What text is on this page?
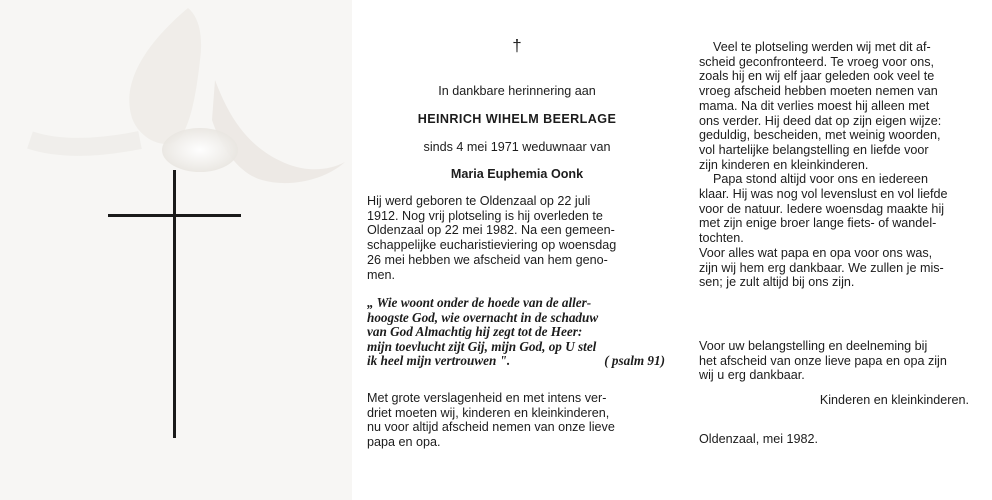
†
In dankbare herinnering aan
HEINRICH WIHELM BEERLAGE
sinds 4 mei 1971 weduwnaar van
Maria Euphemia Oonk
Hij werd geboren te Oldenzaal op 22 juli
1912. Nog vrij plotseling is hij overleden te
Oldenzaal op 22 mei 1982. Na een gemeen-
schappelijke eucharistieviering op woensdag
26 mei hebben we afscheid van hem geno-
men.
„ Wie woont onder de hoede van de aller-
hoogste God, wie overnacht in de schaduw
van God Almachtig hij zegt tot de Heer:
mijn toevlucht zijt Gij, mijn God, op U stel
ik heel mijn vertrouwen ".	( psalm 91)
Met grote verslagenheid en met intens ver-
driet moeten wij, kinderen en kleinkinderen,
nu voor altijd afscheid nemen van onze lieve
papa en opa.
Veel te plotseling werden wij met dit af-
scheid geconfronteerd. Te vroeg voor ons,
zoals hij en wij elf jaar geleden ook veel te
vroeg afscheid hebben moeten nemen van
mama. Na dit verlies moest hij alleen met
ons verder. Hij deed dat op zijn eigen wijze:
geduldig, bescheiden, met weinig woorden,
vol hartelijke belangstelling en liefde voor
zijn kinderen en kleinkinderen.
Papa stond altijd voor ons en iedereen
klaar. Hij was nog vol levenslust en vol liefde
voor de natuur. Iedere woensdag maakte hij
met zijn enige broer lange fiets- of wandel-
tochten.
Voor alles wat papa en opa voor ons was,
zijn wij hem erg dankbaar. We zullen je mis-
sen; je zult altijd bij ons zijn.
Voor uw belangstelling en deelneming bij
het afscheid van onze lieve papa en opa zijn
wij u erg dankbaar.
Kinderen en kleinkinderen.
Oldenzaal, mei 1982.
